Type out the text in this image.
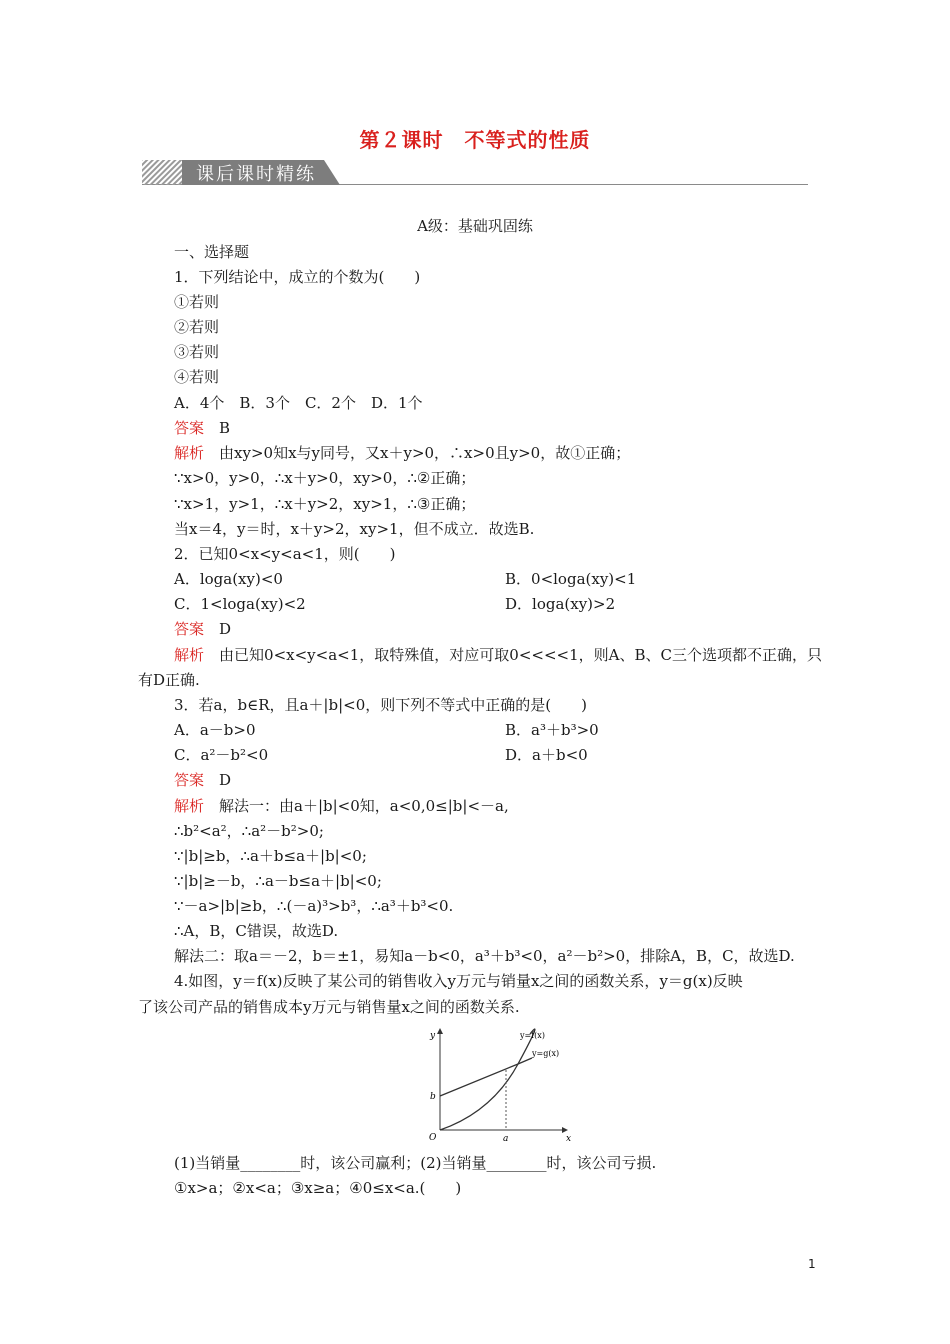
第２课时　不等式的性质
课后课时精练
A级：基础巩固练
一、选择题
1．下列结论中，成立的个数为(　　)
①若则
②若则
③若则
④若则
A．4个　B．3个　C．2个　D．1个
答案　 B
解析　 由xy>0知x与y同号，又x＋y>0，∴x>0且y>0，故①正确；
∵x>0，y>0，∴x＋y>0，xy>0，∴②正确；
∵x>1，y>1，∴x＋y>2，xy>1，∴③正确；
当x＝4，y＝时，x＋y>2，xy>1，但不成立．故选B.
2．已知0<x<y<a<1，则(　　)
A．loga(xy)<0	B．0<loga(xy)<1
C．1<loga(xy)<2	D．loga(xy)>2
答案　 D
解析　 由已知0<x<y<a<1，取特殊值，对应可取0<<<<1，则A、B、C三个选项都不正确，只
有D正确.
3．若a，b∈R，且a＋|b|<0，则下列不等式中正确的是(　　)
A．a－b>0	B．a³＋b³>0
C．a²－b²<0	D．a＋b<0
答案　 D
解析　 解法一：由a＋|b|<0知，a<0,0≤|b|<－a,
∴b²<a²，∴a²－b²>0;
∵|b|≥b，∴a＋b≤a＋|b|<0;
∵|b|≥－b，∴a－b≤a＋|b|<0;
∵－a>|b|≥b，∴(－a)³>b³，∴a³＋b³<0.
∴A，B，C错误，故选D.
解法二：取a＝－2，b＝±1，易知a－b<0，a³＋b³<0，a²－b²>0，排除A，B，C，故选D.
4.如图，y＝f(x)反映了某公司的销售收入y万元与销量x之间的函数关系，y＝g(x)反映
了该公司产品的销售成本y万元与销售量x之间的函数关系.
y
x
O
b
a
y=f(x)
y=g(x)
(1)当销量________时，该公司赢利；(2)当销量________时，该公司亏损.
①x>a；②x<a；③x≥a；④0≤x<a.(　　)
1
